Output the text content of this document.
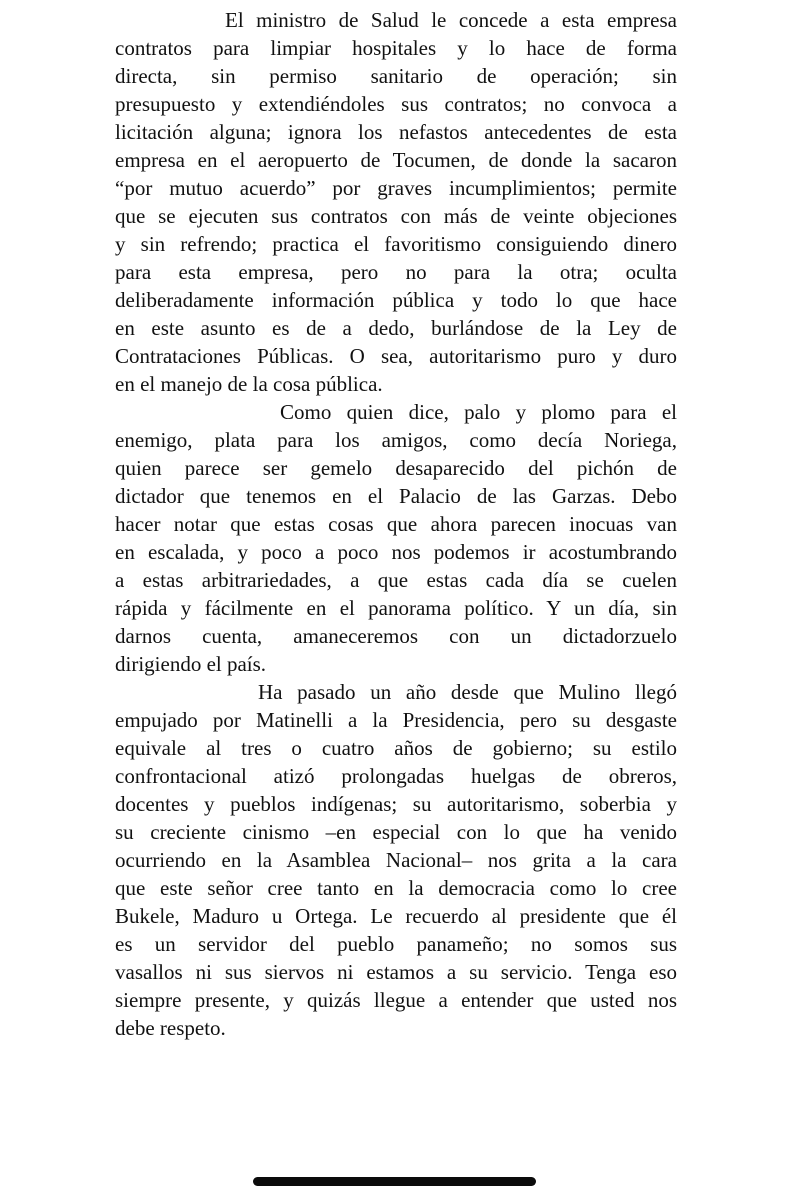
El ministro de Salud le concede a esta empresa
contratos para limpiar hospitales y lo hace de forma
directa, sin permiso sanitario de operación; sin
presupuesto y extendiéndoles sus contratos; no convoca a
licitación alguna; ignora los nefastos antecedentes de esta
empresa en el aeropuerto de Tocumen, de donde la sacaron
“por mutuo acuerdo” por graves incumplimientos; permite
que se ejecuten sus contratos con más de veinte objeciones
y sin refrendo; practica el favoritismo consiguiendo dinero
para esta empresa, pero no para la otra; oculta
deliberadamente información pública y todo lo que hace
en este asunto es de a dedo, burlándose de la Ley de
Contrataciones Públicas. O sea, autoritarismo puro y duro
en el manejo de la cosa pública.
Como quien dice, palo y plomo para el
enemigo, plata para los amigos, como decía Noriega,
quien parece ser gemelo desaparecido del pichón de
dictador que tenemos en el Palacio de las Garzas. Debo
hacer notar que estas cosas que ahora parecen inocuas van
en escalada, y poco a poco nos podemos ir acostumbrando
a estas arbitrariedades, a que estas cada día se cuelen
rápida y fácilmente en el panorama político. Y un día, sin
darnos cuenta, amaneceremos con un dictadorzuelo
dirigiendo el país.
Ha pasado un año desde que Mulino llegó
empujado por Matinelli a la Presidencia, pero su desgaste
equivale al tres o cuatro años de gobierno; su estilo
confrontacional atizó prolongadas huelgas de obreros,
docentes y pueblos indígenas; su autoritarismo, soberbia y
su creciente cinismo –en especial con lo que ha venido
ocurriendo en la Asamblea Nacional– nos grita a la cara
que este señor cree tanto en la democracia como lo cree
Bukele, Maduro u Ortega. Le recuerdo al presidente que él
es un servidor del pueblo panameño; no somos sus
vasallos ni sus siervos ni estamos a su servicio. Tenga eso
siempre presente, y quizás llegue a entender que usted nos
debe respeto.
